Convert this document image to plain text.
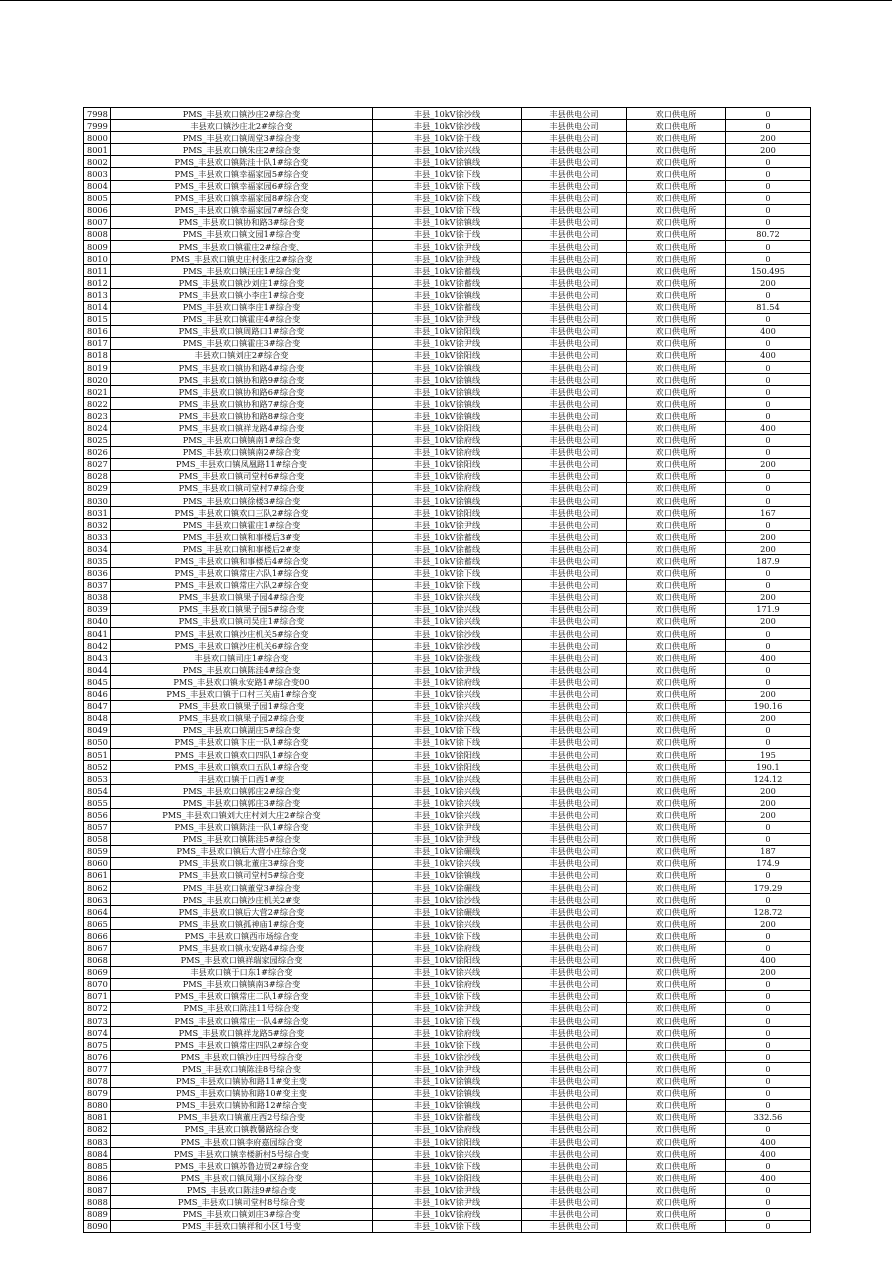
7998	PMS_丰县欢口镇沙庄2#综合变	丰县_10kV徐沙线	丰县供电公司	欢口供电所	0
7999	丰县欢口镇沙庄北2#综合变	丰县_10kV徐沙线	丰县供电公司	欢口供电所	0
8000	PMS_丰县欢口镇周堂3#综合变	丰县_10kV徐于线	丰县供电公司	欢口供电所	200
8001	PMS_丰县欢口镇朱庄2#综合变	丰县_10kV徐兴线	丰县供电公司	欢口供电所	200
8002	PMS_丰县欢口镇陈洼十队1#综合变	丰县_10kV徐镇线	丰县供电公司	欢口供电所	0
8003	PMS_丰县欢口镇幸福家园5#综合变	丰县_10kV徐下线	丰县供电公司	欢口供电所	0
8004	PMS_丰县欢口镇幸福家园6#综合变	丰县_10kV徐下线	丰县供电公司	欢口供电所	0
8005	PMS_丰县欢口镇幸福家园8#综合变	丰县_10kV徐下线	丰县供电公司	欢口供电所	0
8006	PMS_丰县欢口镇幸福家园7#综合变	丰县_10kV徐下线	丰县供电公司	欢口供电所	0
8007	PMS_丰县欢口镇协和路3#综合变	丰县_10kV徐镇线	丰县供电公司	欢口供电所	0
8008	PMS_丰县欢口镇文园1#综合变	丰县_10kV徐于线	丰县供电公司	欢口供电所	80.72
8009	PMS_丰县欢口镇霍庄2#综合变、	丰县_10kV徐尹线	丰县供电公司	欢口供电所	0
8010	PMS_丰县欢口镇史庄村张庄2#综合变	丰县_10kV徐尹线	丰县供电公司	欢口供电所	0
8011	PMS_丰县欢口镇汪庄1#综合变	丰县_10kV徐蓄线	丰县供电公司	欢口供电所	150.495
8012	PMS_丰县欢口镇沙刘庄1#综合变	丰县_10kV徐蓄线	丰县供电公司	欢口供电所	200
8013	PMS_丰县欢口镇小李庄1#综合变	丰县_10kV徐镇线	丰县供电公司	欢口供电所	0
8014	PMS_丰县欢口镇李庄1#综合变	丰县_10kV徐蓄线	丰县供电公司	欢口供电所	81.54
8015	PMS_丰县欢口镇霍庄4#综合变	丰县_10kV徐尹线	丰县供电公司	欢口供电所	0
8016	PMS_丰县欢口镇周路口1#综合变	丰县_10kV徐阳线	丰县供电公司	欢口供电所	400
8017	PMS_丰县欢口镇霍庄3#综合变	丰县_10kV徐尹线	丰县供电公司	欢口供电所	0
8018	丰县欢口镇刘庄2#综合变	丰县_10kV徐阳线	丰县供电公司	欢口供电所	400
8019	PMS_丰县欢口镇协和路4#综合变	丰县_10kV徐镇线	丰县供电公司	欢口供电所	0
8020	PMS_丰县欢口镇协和路9#综合变	丰县_10kV徐镇线	丰县供电公司	欢口供电所	0
8021	PMS_丰县欢口镇协和路6#综合变	丰县_10kV徐镇线	丰县供电公司	欢口供电所	0
8022	PMS_丰县欢口镇协和路7#综合变	丰县_10kV徐镇线	丰县供电公司	欢口供电所	0
8023	PMS_丰县欢口镇协和路8#综合变	丰县_10kV徐镇线	丰县供电公司	欢口供电所	0
8024	PMS_丰县欢口镇祥龙路4#综合变	丰县_10kV徐阳线	丰县供电公司	欢口供电所	400
8025	PMS_丰县欢口镇镇南1#综合变	丰县_10kV徐府线	丰县供电公司	欢口供电所	0
8026	PMS_丰县欢口镇镇南2#综合变	丰县_10kV徐府线	丰县供电公司	欢口供电所	0
8027	PMS_丰县欢口镇凤凰路11#综合变	丰县_10kV徐阳线	丰县供电公司	欢口供电所	200
8028	PMS_丰县欢口镇司堂村6#综合变	丰县_10kV徐府线	丰县供电公司	欢口供电所	0
8029	PMS_丰县欢口镇司堂村7#综合变	丰县_10kV徐府线	丰县供电公司	欢口供电所	0
8030	PMS_丰县欢口镇徐楼3#综合变	丰县_10kV徐镇线	丰县供电公司	欢口供电所	0
8031	PMS_丰县欢口镇欢口三队2#综合变	丰县_10kV徐阳线	丰县供电公司	欢口供电所	167
8032	PMS_丰县欢口镇霍庄1#综合变	丰县_10kV徐尹线	丰县供电公司	欢口供电所	0
8033	PMS_丰县欢口镇和事楼后3#变	丰县_10kV徐蓄线	丰县供电公司	欢口供电所	200
8034	PMS_丰县欢口镇和事楼后2#变	丰县_10kV徐蓄线	丰县供电公司	欢口供电所	200
8035	PMS_丰县欢口镇和事楼后4#综合变	丰县_10kV徐蓄线	丰县供电公司	欢口供电所	187.9
8036	PMS_丰县欢口镇常庄六队1#综合变	丰县_10kV徐下线	丰县供电公司	欢口供电所	0
8037	PMS_丰县欢口镇常庄六队2#综合变	丰县_10kV徐下线	丰县供电公司	欢口供电所	0
8038	PMS_丰县欢口镇果子园4#综合变	丰县_10kV徐兴线	丰县供电公司	欢口供电所	200
8039	PMS_丰县欢口镇果子园5#综合变	丰县_10kV徐兴线	丰县供电公司	欢口供电所	171.9
8040	PMS_丰县欢口镇司吴庄1#综合变	丰县_10kV徐兴线	丰县供电公司	欢口供电所	200
8041	PMS_丰县欢口镇沙庄机关5#综合变	丰县_10kV徐沙线	丰县供电公司	欢口供电所	0
8042	PMS_丰县欢口镇沙庄机关6#综合变	丰县_10kV徐沙线	丰县供电公司	欢口供电所	0
8043	丰县欢口镇司庄1#综合变	丰县_10kV徐张线	丰县供电公司	欢口供电所	400
8044	PMS_丰县欢口镇陈洼4#综合变	丰县_10kV徐尹线	丰县供电公司	欢口供电所	0
8045	PMS_丰县欢口镇永安路1#综合变00	丰县_10kV徐府线	丰县供电公司	欢口供电所	0
8046	PMS_丰县欢口镇于口村三关庙1#综合变	丰县_10kV徐兴线	丰县供电公司	欢口供电所	200
8047	PMS_丰县欢口镇果子园1#综合变	丰县_10kV徐兴线	丰县供电公司	欢口供电所	190.16
8048	PMS_丰县欢口镇果子园2#综合变	丰县_10kV徐兴线	丰县供电公司	欢口供电所	200
8049	PMS_丰县欢口镇湖庄5#综合变	丰县_10kV徐下线	丰县供电公司	欢口供电所	0
8050	PMS_丰县欢口镇卞庄一队1#综合变	丰县_10kV徐下线	丰县供电公司	欢口供电所	0
8051	PMS_丰县欢口镇欢口四队1#综合变	丰县_10kV徐阳线	丰县供电公司	欢口供电所	195
8052	PMS_丰县欢口镇欢口五队1#综合变	丰县_10kV徐阳线	丰县供电公司	欢口供电所	190.1
8053	丰县欢口镇于口西1#变	丰县_10kV徐兴线	丰县供电公司	欢口供电所	124.12
8054	PMS_丰县欢口镇郭庄2#综合变	丰县_10kV徐兴线	丰县供电公司	欢口供电所	200
8055	PMS_丰县欢口镇郭庄3#综合变	丰县_10kV徐兴线	丰县供电公司	欢口供电所	200
8056	PMS_丰县欢口镇刘大庄村刘大庄2#综合变	丰县_10kV徐兴线	丰县供电公司	欢口供电所	200
8057	PMS_丰县欢口镇陈洼一队1#综合变	丰县_10kV徐尹线	丰县供电公司	欢口供电所	0
8058	PMS_丰县欢口镇陈洼5#综合变	丰县_10kV徐尹线	丰县供电公司	欢口供电所	0
8059	PMS_丰县欢口镇后大营小庄综合变	丰县_10kV徐碾线	丰县供电公司	欢口供电所	187
8060	PMS_丰县欢口镇北董庄3#综合变	丰县_10kV徐兴线	丰县供电公司	欢口供电所	174.9
8061	PMS_丰县欢口镇司堂村5#综合变	丰县_10kV徐镇线	丰县供电公司	欢口供电所	0
8062	PMS_丰县欢口镇董堂3#综合变	丰县_10kV徐碾线	丰县供电公司	欢口供电所	179.29
8063	PMS_丰县欢口镇沙庄机关2#变	丰县_10kV徐沙线	丰县供电公司	欢口供电所	0
8064	PMS_丰县欢口镇后大营2#综合变	丰县_10kV徐碾线	丰县供电公司	欢口供电所	128.72
8065	PMS_丰县欢口镇孤神庙1#综合变	丰县_10kV徐兴线	丰县供电公司	欢口供电所	200
8066	PMS_丰县欢口镇西市场综合变	丰县_10kV徐下线	丰县供电公司	欢口供电所	0
8067	PMS_丰县欢口镇永安路4#综合变	丰县_10kV徐府线	丰县供电公司	欢口供电所	0
8068	PMS_丰县欢口镇祥瑞家园综合变	丰县_10kV徐阳线	丰县供电公司	欢口供电所	400
8069	丰县欢口镇于口东1#综合变	丰县_10kV徐兴线	丰县供电公司	欢口供电所	200
8070	PMS_丰县欢口镇镇南3#综合变	丰县_10kV徐府线	丰县供电公司	欢口供电所	0
8071	PMS_丰县欢口镇常庄二队1#综合变	丰县_10kV徐下线	丰县供电公司	欢口供电所	0
8072	PMS_丰县欢口陈洼11号综合变	丰县_10kV徐尹线	丰县供电公司	欢口供电所	0
8073	PMS_丰县欢口镇常庄一队4#综合变	丰县_10kV徐下线	丰县供电公司	欢口供电所	0
8074	PMS_丰县欢口镇祥龙路5#综合变	丰县_10kV徐府线	丰县供电公司	欢口供电所	0
8075	PMS_丰县欢口镇常庄四队2#综合变	丰县_10kV徐下线	丰县供电公司	欢口供电所	0
8076	PMS_丰县欢口镇沙庄四号综合变	丰县_10kV徐沙线	丰县供电公司	欢口供电所	0
8077	PMS_丰县欢口镇陈洼8号综合变	丰县_10kV徐尹线	丰县供电公司	欢口供电所	0
8078	PMS_丰县欢口镇协和路11#变主变	丰县_10kV徐镇线	丰县供电公司	欢口供电所	0
8079	PMS_丰县欢口镇协和路10#变主变	丰县_10kV徐镇线	丰县供电公司	欢口供电所	0
8080	PMS_丰县欢口镇协和路12#综合变	丰县_10kV徐镇线	丰县供电公司	欢口供电所	0
8081	PMS_丰县欢口镇董庄西2号综合变	丰县_10kV徐蓄线	丰县供电公司	欢口供电所	332.56
8082	PMS_丰县欢口镇教馨路综合变	丰县_10kV徐府线	丰县供电公司	欢口供电所	0
8083	PMS_丰县欢口镇李府嘉园综合变	丰县_10kV徐阳线	丰县供电公司	欢口供电所	400
8084	PMS_丰县欢口镇幸楼新村5号综合变	丰县_10kV徐兴线	丰县供电公司	欢口供电所	400
8085	PMS_丰县欢口镇苏鲁边贸2#综合变	丰县_10kV徐下线	丰县供电公司	欢口供电所	0
8086	PMS_丰县欢口镇凤翔小区综合变	丰县_10kV徐阳线	丰县供电公司	欢口供电所	400
8087	PMS_丰县欢口陈洼9#综合变	丰县_10kV徐尹线	丰县供电公司	欢口供电所	0
8088	PMS_丰县欢口镇司堂村8号综合变	丰县_10kV徐尹线	丰县供电公司	欢口供电所	0
8089	PMS_丰县欢口镇刘庄3#综合变	丰县_10kV徐府线	丰县供电公司	欢口供电所	0
8090	PMS_丰县欢口镇祥和小区1号变	丰县_10kV徐下线	丰县供电公司	欢口供电所	0
